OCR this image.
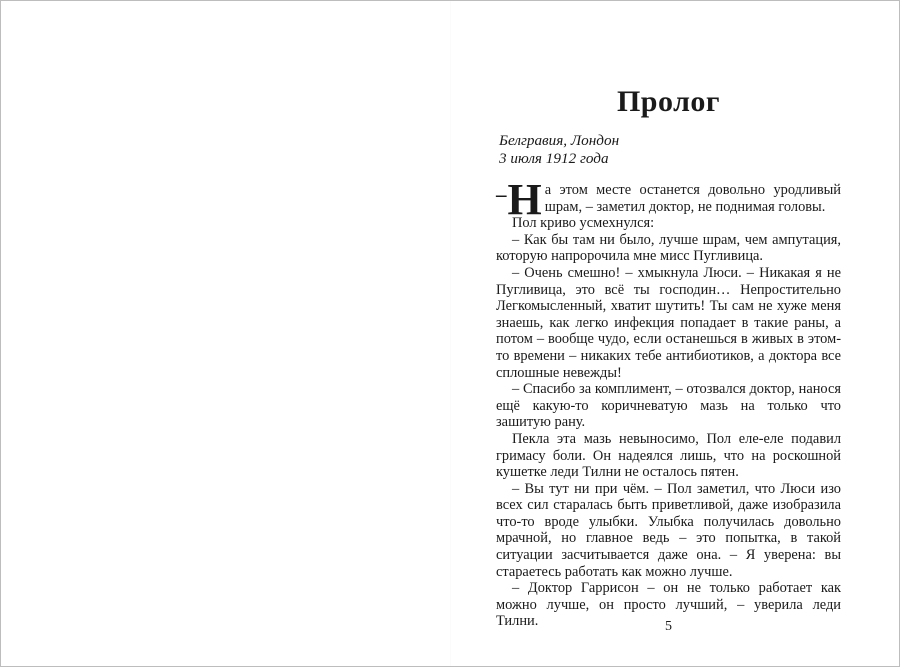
Пролог
Белгравия, Лондон
3 июля 1912 года

– Н а этом месте останется довольно уродливый шрам, – заметил доктор, не поднимая головы.

Пол криво усмехнулся:

– Как бы там ни было, лучше шрам, чем ампутация, которую напророчила мне мисс Пугливица.

– Очень смешно! – хмыкнула Люси. – Никакая я не Пугливица, это всё ты господин… Непростительно Легкомысленный, хватит шутить! Ты сам не хуже меня знаешь, как легко инфекция попадает в такие раны, а потом – вообще чудо, если останешься в живых в этом-то времени – никаких тебе антибиотиков, а доктора все сплошные невежды!

– Спасибо за комплимент, – отозвался доктор, нанося ещё какую-то коричневатую мазь на только что зашитую рану.

Пекла эта мазь невыносимо, Пол еле-еле подавил гримасу боли. Он надеялся лишь, что на роскошной кушетке леди Тилни не осталось пятен.

– Вы тут ни при чём. – Пол заметил, что Люси изо всех сил старалась быть приветливой, даже изобразила что-то вроде улыбки. Улыбка получилась довольно мрачной, но главное ведь – это попытка, в такой ситуации засчитывается даже она. – Я уверена: вы стараетесь работать как можно лучше.

– Доктор Гаррисон – он не только работает как можно лучше, он просто лучший, – уверила леди Тилни.	5
